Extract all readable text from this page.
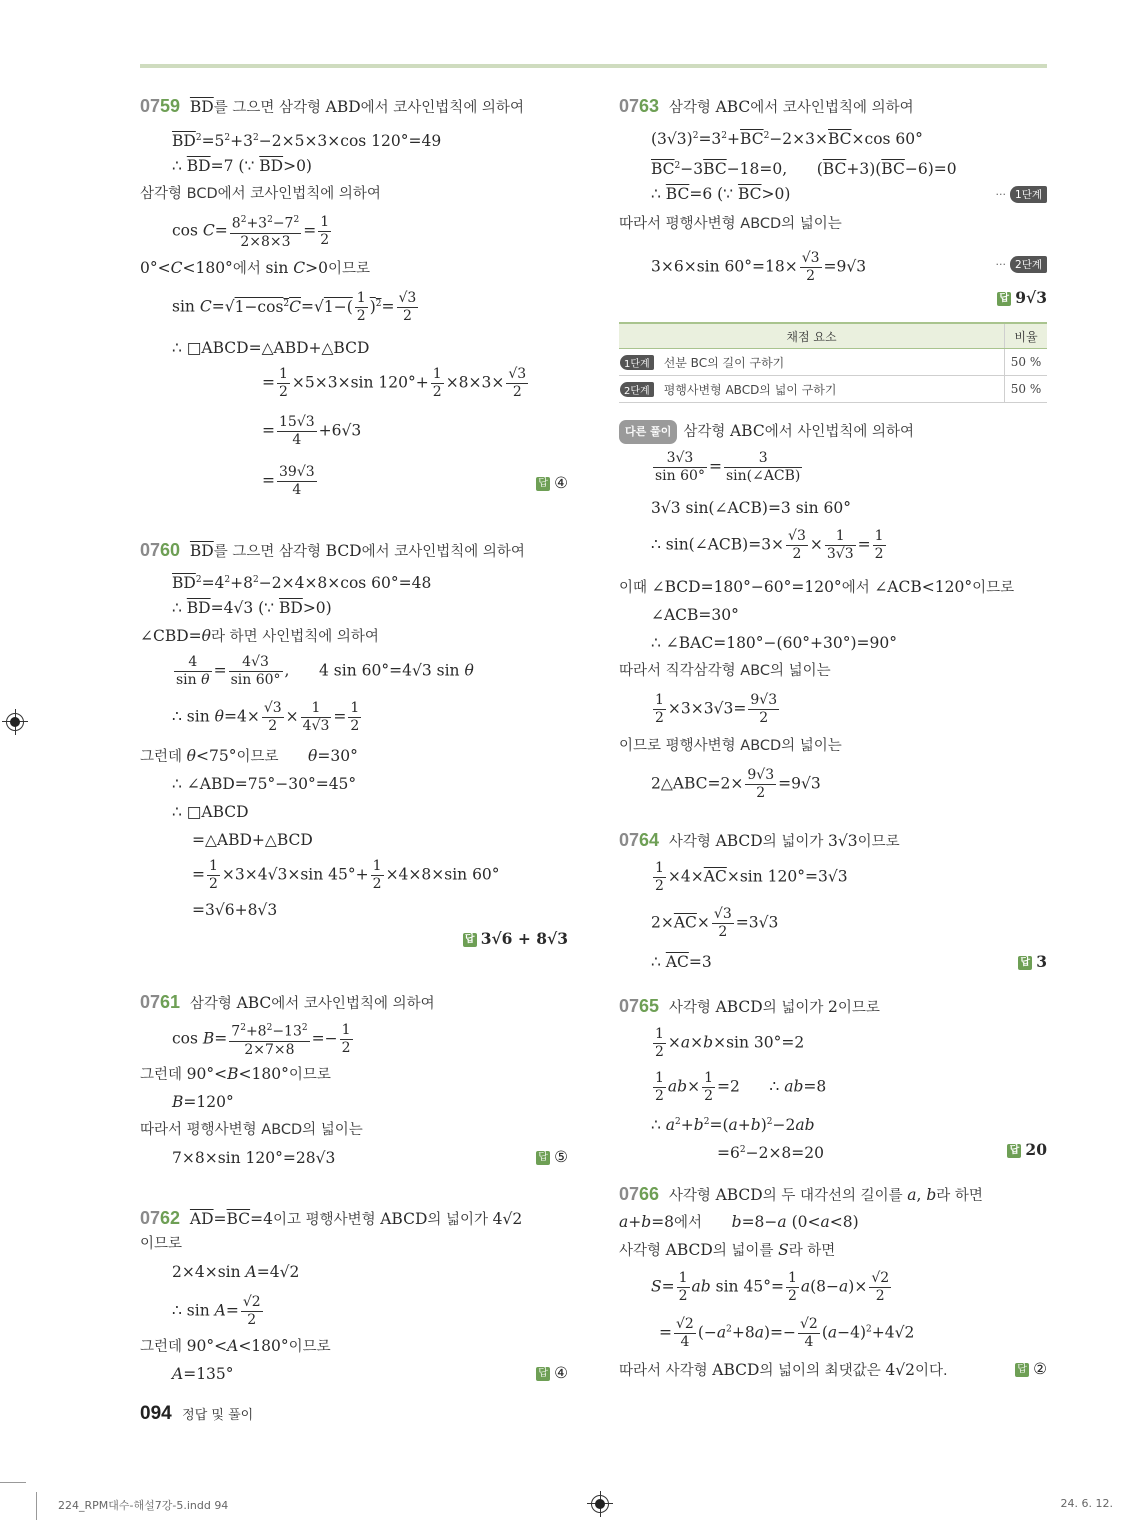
0759 $\overline{BD}$를 그으면 삼각형 ABD에서 코사인법칙에 의하여
$\overline{BD}^2=5^2+3^2-2\times 5\times 3\times\cos$ 120°=49
∴ $\overline{BD}=7$ (∵ $\overline{BD}>0$)
삼각형 BCD에서 코사인법칙에 의하여
$\cos C= \frac{8^2+3^2-7^2}{2\times 8\times 3} = \frac{1}{2}$
0°<C<180°에서 sin C>0이므로
$\sin C=√1-\cos^2C=√1-( \frac{1}{2} )^2= \frac{√3}{2}$
∴ □ABCD=△ABD+△BCD
= $\frac{1}{2} \times 5\times 3\times\sin$ $120^\circ+ \frac{1}{2} \times 8\times 3\times \frac{√3}{2}$
= $\frac{15√3}{4} +6√3$
= $\frac{39√3}{4}$	답 ④
0760 $\overline{BD}$를 그으면 삼각형 BCD에서 코사인법칙에 의하여
$\overline{BD}^2=4^2+8^2-2\times 4\times 8\times\cos$ 60°=48
∴ $\overline{BD}=4√3$ (∵ $\overline{BD}>0$)
∠CBD=θ라 하면 사인법칙에 의하여
$\frac{4}{\text{sin θ}} = \frac{4√3}{\sin 60^\circ}$ ,      4 sin 60°=4√3 sin θ
∴ $\sin \theta=4\times \frac{√3}{2} \times \frac{1}{4√3} = \frac{1}{2}$
그런데 θ<75°이므로 θ=30°
∴ ∠ABD=75°−30°=45°
∴ □ABCD
=△ABD+△BCD
= $\frac{1}{2} \times 3\times 4√3\times\sin$ $45^\circ+ \frac{1}{2} \times 4\times 8\times\sin$ 60°
=3√6+8√3
답 3√6 + 8√3
0761 삼각형 ABC에서 코사인법칙에 의하여
$\cos B= \frac{7^2+8^2-13^2}{2\times 7\times 8} =- \frac{1}{2}$
그런데 90°<B<180°이므로
B=120°
따라서 평행사변형 ABCD의 넓이는
7×8×sin 120°=28√3	답 ⑤
0762 $\overline{AD}=\overline{BC}=4$이고 평행사변형 ABCD의 넓이가 4√2
이므로
2×4×sin A=4√2
∴ $\sin A= \frac{√2}{2}$
그런데 90°<A<180°이므로
A=135°	답 ④
0763 삼각형 ABC에서 코사인법칙에 의하여
$(3√3)^2=3^2+\overline{BC}^2-2\times 3\times\overline{BC}\times\cos$ 60°
$\overline{BC}^2-3\overline{BC}-18=0$,      $(\overline{BC}+3)(\overline{BC}-6)=0$
∴ $\overline{BC}=6$ (∵ $\overline{BC}>0$)	··· 1단계
따라서 평행사변형 ABCD의 넓이는
3×6×sin $60^\circ=18\times \frac{√3}{2} =9√3$	··· 2단계
답 9√3
채점 요소	비율
1단계 선분 BC의 길이 구하기	50 %
2단계 평행사변형 ABCD의 넓이 구하기	50 %
다른 풀이 삼각형 ABC에서 사인법칙에 의하여
$\frac{3√3}{\sin 60^\circ} = \frac{3}{\text{sin(∠ACB)}}$
3√3 sin(∠ACB)=3 sin 60°
∴ sin(∠ACB)=3× $\frac{√3}{2} \times \frac{1}{3√3} = \frac{1}{2}$
이때 ∠BCD=180°−60°=120°에서 ∠ACB<120°이므로
∠ACB=30°
∴ ∠BAC=180°−(60°+30°)=90°
따라서 직각삼각형 ABC의 넓이는
$\frac{1}{2} \times 3\times 3√3= \frac{9√3}{2}$
이므로 평행사변형 ABCD의 넓이는
2△ABC=2× $\frac{9√3}{2} =9√3$
0764 사각형 ABCD의 넓이가 3√3이므로
$\frac{1}{2} \times 4\times\overline{AC}\times\sin$ 120°=3√3
$2\times\overline{AC}\times \frac{√3}{2} =3√3$
∴ $\overline{AC}=3$	답 3
0765 사각형 ABCD의 넓이가 2이므로
$\frac{1}{2} \times a\times b\times\sin$ 30°=2
$\frac{1}{2} ab\times \frac{1}{2} =2$      ∴ ab=8
∴ $a^2+b^2=(a+b)^2-2ab$
$=6^2-2\times 8=20$	답 20
0766 사각형 ABCD의 두 대각선의 길이를 a, b라 하면
a+b=8에서 b=8−a (0<a<8)
사각형 ABCD의 넓이를 S라 하면
$S= \frac{1}{2}$ ab $\sin 45^\circ= \frac{1}{2} a(8-a)\times \frac{√2}{2}$
= $\frac{√2}{4} (-a^2+8a)=- \frac{√2}{4} (a-4)^2+4√2$
따라서 사각형 ABCD의 넓이의 최댓값은 4√2이다.	답 ②
094 정답 및 풀이
224_RPM대수-해설7강-5.indd 94	24. 6. 12.
